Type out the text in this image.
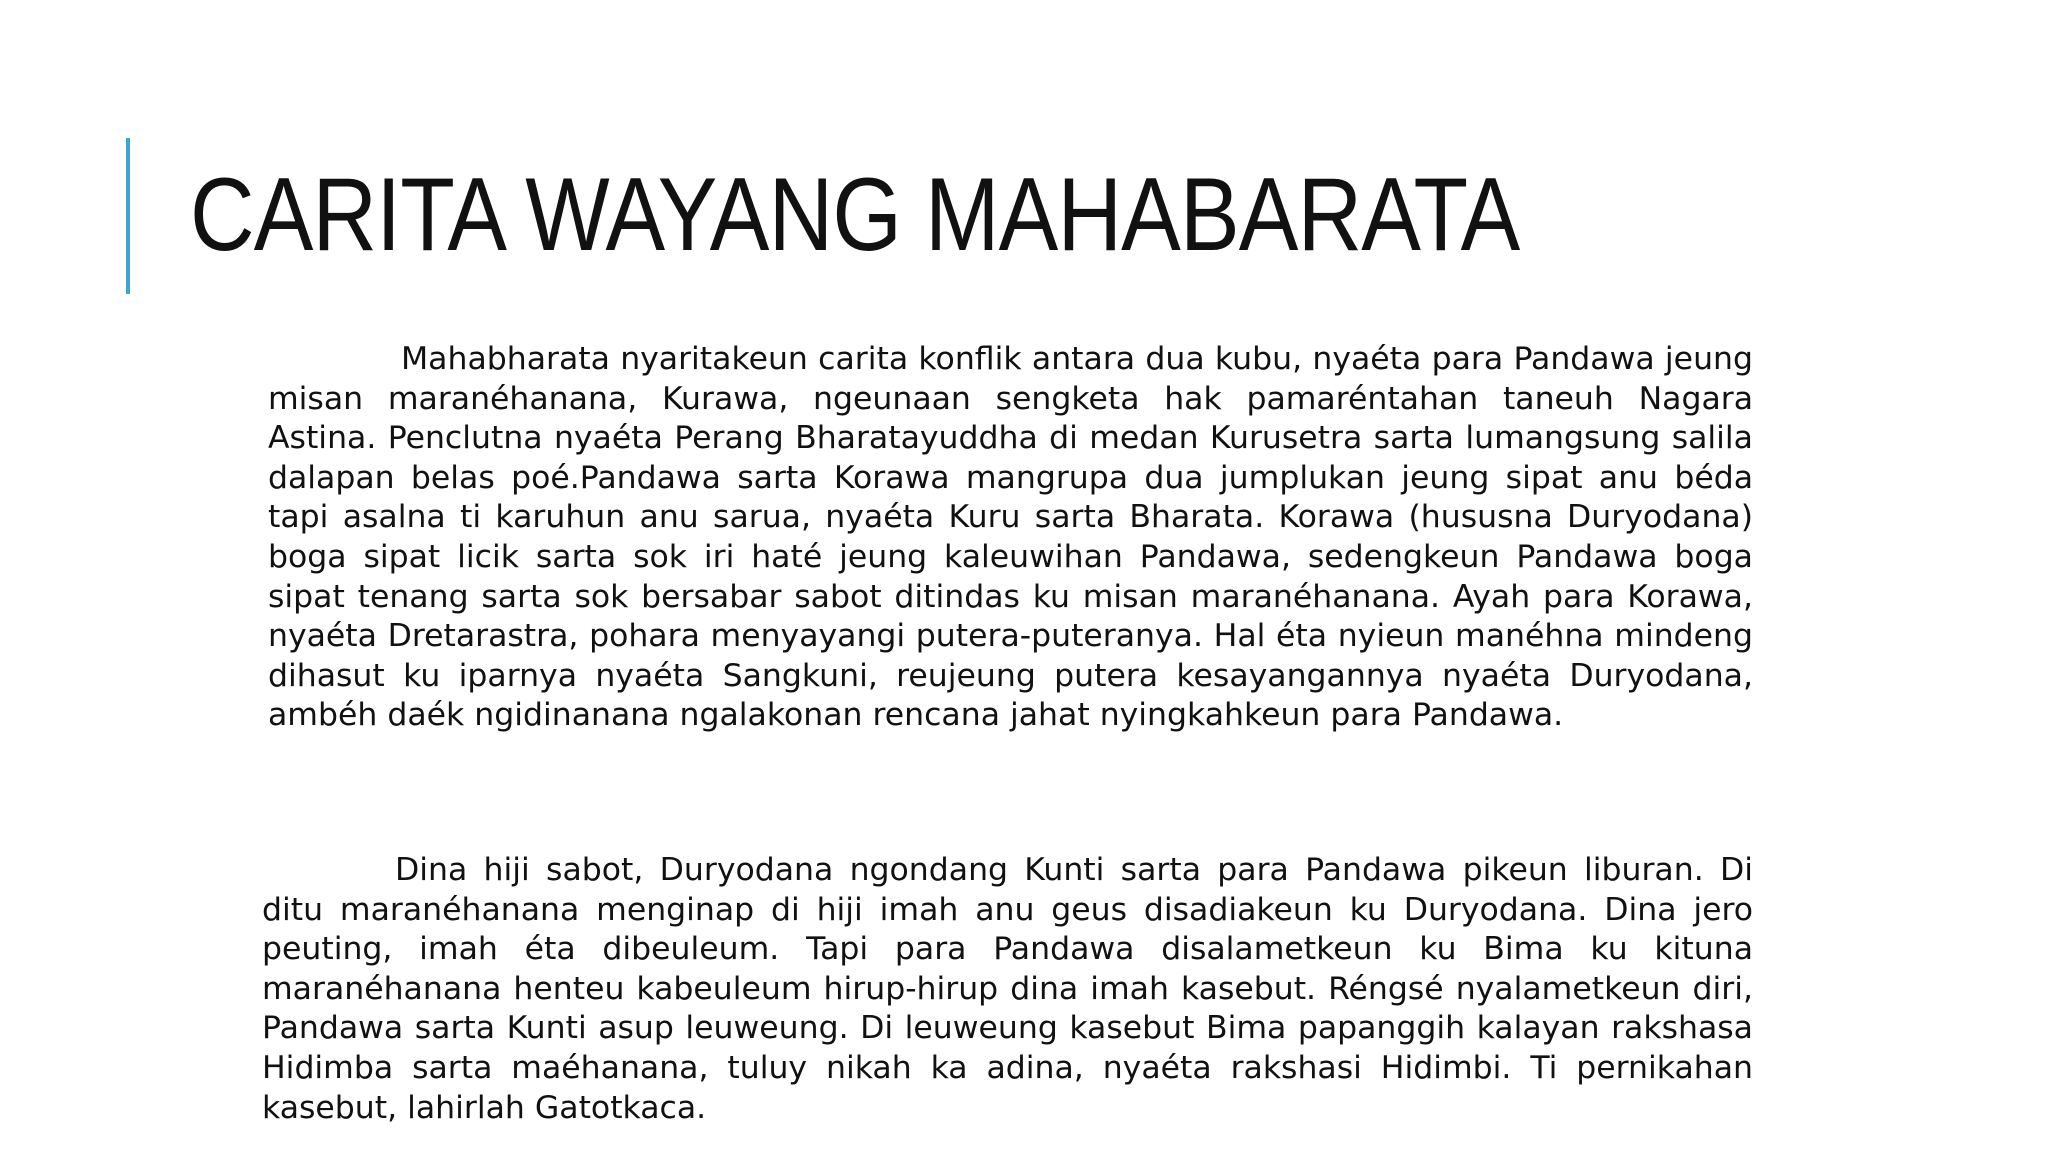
CARITA WAYANG MAHABARATA

Mahabharata nyaritakeun carita konflik antara dua kubu, nyaéta para Pandawa jeung misan maranéhanana, Kurawa, ngeunaan sengketa hak pamaréntahan taneuh Nagara Astina. Penclutna nyaéta Perang Bharatayuddha di medan Kurusetra sarta lumangsung salila dalapan belas poé.Pandawa sarta Korawa mangrupa dua jumplukan jeung sipat anu béda tapi asalna ti karuhun anu sarua, nyaéta Kuru sarta Bharata. Korawa (hususna Duryodana) boga sipat licik sarta sok iri haté jeung kaleuwihan Pandawa, sedengkeun Pandawa boga sipat tenang sarta sok bersabar sabot ditindas ku misan maranéhanana. Ayah para Korawa, nyaéta Dretarastra, pohara menyayangi putera-puteranya. Hal éta nyieun manéhna mindeng dihasut ku iparnya nyaéta Sangkuni, reujeung putera kesayangannya nyaéta Duryodana, ambéh daék ngidinanana ngalakonan rencana jahat nyingkahkeun para Pandawa.

Dina hiji sabot, Duryodana ngondang Kunti sarta para Pandawa pikeun liburan. Di ditu maranéhanana menginap di hiji imah anu geus disadiakeun ku Duryodana. Dina jero peuting, imah éta dibeuleum. Tapi para Pandawa disalametkeun ku Bima ku kituna maranéhanana henteu kabeuleum hirup-hirup dina imah kasebut. Réngsé nyalametkeun diri, Pandawa sarta Kunti asup leuweung. Di leuweung kasebut Bima papanggih kalayan rakshasa Hidimba sarta maéhanana, tuluy nikah ka adina, nyaéta rakshasi Hidimbi. Ti pernikahan kasebut, lahirlah Gatotkaca.
